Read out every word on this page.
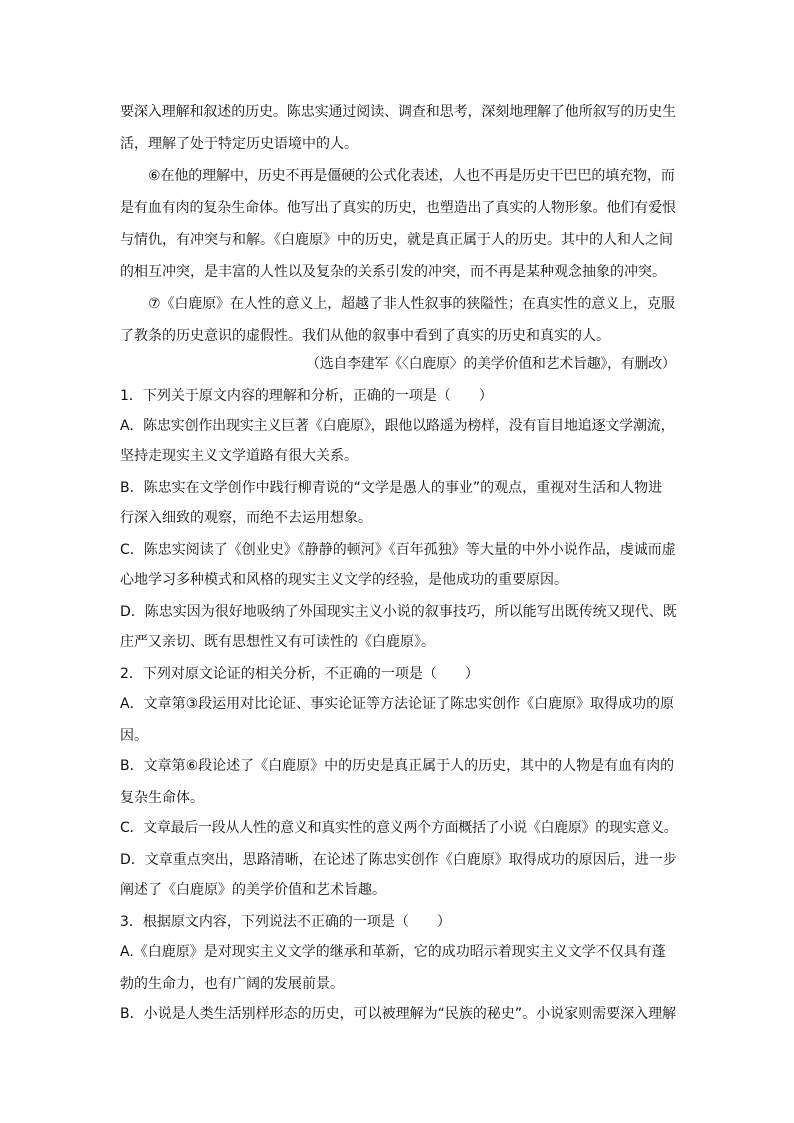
要深入理解和叙述的历史。陈忠实通过阅读、调查和思考，深刻地理解了他所叙写的历史生
活，理解了处于特定历史语境中的人。
⑥在他的理解中，历史不再是僵硬的公式化表述，人也不再是历史干巴巴的填充物，而
是有血有肉的复杂生命体。他写出了真实的历史，也塑造出了真实的人物形象。他们有爱恨
与情仇，有冲突与和解。《白鹿原》中的历史，就是真正属于人的历史。其中的人和人之间
的相互冲突，是丰富的人性以及复杂的关系引发的冲突，而不再是某种观念抽象的冲突。
⑦《白鹿原》在人性的意义上，超越了非人性叙事的狭隘性；在真实性的意义上，克服
了教条的历史意识的虚假性。我们从他的叙事中看到了真实的历史和真实的人。
（选自李建军《〈白鹿原〉的美学价值和艺术旨趣》，有删改）
1．下列关于原文内容的理解和分析，正确的一项是（　　）
A．陈忠实创作出现实主义巨著《白鹿原》，跟他以路遥为榜样，没有盲目地追逐文学潮流，
坚持走现实主义文学道路有很大关系。
B．陈忠实在文学创作中践行柳青说的“文学是愚人的事业”的观点，重视对生活和人物进
行深入细致的观察，而绝不去运用想象。
C．陈忠实阅读了《创业史》《静静的顿河》《百年孤独》等大量的中外小说作品，虔诚而虚
心地学习多种模式和风格的现实主义文学的经验，是他成功的重要原因。
D．陈忠实因为很好地吸纳了外国现实主义小说的叙事技巧，所以能写出既传统又现代、既
庄严又亲切、既有思想性又有可读性的《白鹿原》。
2．下列对原文论证的相关分析，不正确的一项是（　　）
A．文章第③段运用对比论证、事实论证等方法论证了陈忠实创作《白鹿原》取得成功的原
因。
B．文章第⑥段论述了《白鹿原》中的历史是真正属于人的历史，其中的人物是有血有肉的
复杂生命体。
C．文章最后一段从人性的意义和真实性的意义两个方面概括了小说《白鹿原》的现实意义。
D．文章重点突出，思路清晰，在论述了陈忠实创作《白鹿原》取得成功的原因后，进一步
阐述了《白鹿原》的美学价值和艺术旨趣。
3．根据原文内容，下列说法不正确的一项是（　　）
A.《白鹿原》是对现实主义文学的继承和革新，它的成功昭示着现实主义文学不仅具有蓬
勃的生命力，也有广阔的发展前景。
B．小说是人类生活别样形态的历史，可以被理解为“民族的秘史”。小说家则需要深入理解
